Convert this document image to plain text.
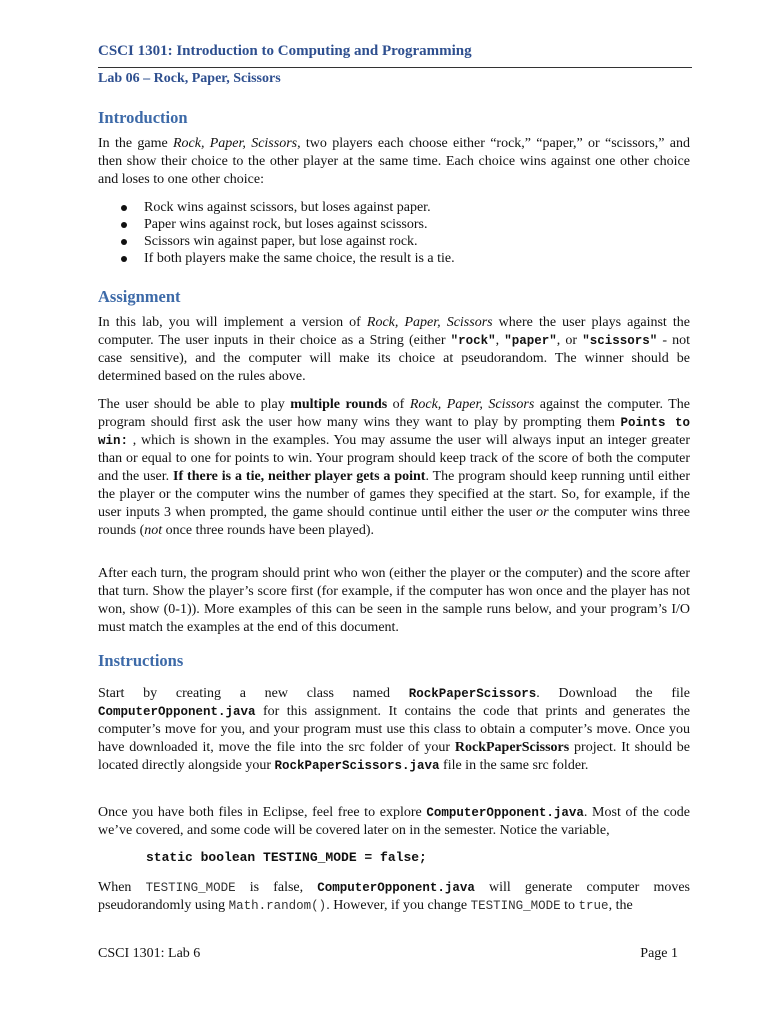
CSCI 1301: Introduction to Computing and Programming
Lab 06 – Rock, Paper, Scissors
Introduction

In the game Rock, Paper, Scissors, two players each choose either “rock,” “paper,” or “scissors,” and then show their choice to the other player at the same time. Each choice wins against one other choice and loses to one other choice:

Rock wins against scissors, but loses against paper.
Paper wins against rock, but loses against scissors.
Scissors win against paper, but lose against rock.
If both players make the same choice, the result is a tie.
Assignment

In this lab, you will implement a version of Rock, Paper, Scissors where the user plays against the computer. The user inputs in their choice as a String (either "rock", "paper", or "scissors" - not case sensitive), and the computer will make its choice at pseudorandom. The winner should be determined based on the rules above.

The user should be able to play multiple rounds of Rock, Paper, Scissors against the computer. The program should first ask the user how many wins they want to play by prompting them Points to win: , which is shown in the examples. You may assume the user will always input an integer greater than or equal to one for points to win. Your program should keep track of the score of both the computer and the user. If there is a tie, neither player gets a point. The program should keep running until either the player or the computer wins the number of games they specified at the start. So, for example, if the user inputs 3 when prompted, the game should continue until either the user or the computer wins three rounds (not once three rounds have been played).

After each turn, the program should print who won (either the player or the computer) and the score after that turn. Show the player’s score first (for example, if the computer has won once and the player has not won, show (0-1)). More examples of this can be seen in the sample runs below, and your program’s I/O must match the examples at the end of this document.

Instructions

Start by creating a new class named RockPaperScissors. Download the file ComputerOpponent.java for this assignment. It contains the code that prints and generates the computer’s move for you, and your program must use this class to obtain a computer’s move. Once you have downloaded it, move the file into the src folder of your RockPaperScissors project. It should be located directly alongside your RockPaperScissors.java file in the same src folder.

Once you have both files in Eclipse, feel free to explore ComputerOpponent.java. Most of the code we’ve covered, and some code will be covered later on in the semester. Notice the variable,

static boolean TESTING_MODE = false;

When TESTING_MODE is false, ComputerOpponent.java will generate computer moves pseudorandomly using Math.random(). However, if you change TESTING_MODE to true, the

CSCI 1301: Lab 6	Page 1
